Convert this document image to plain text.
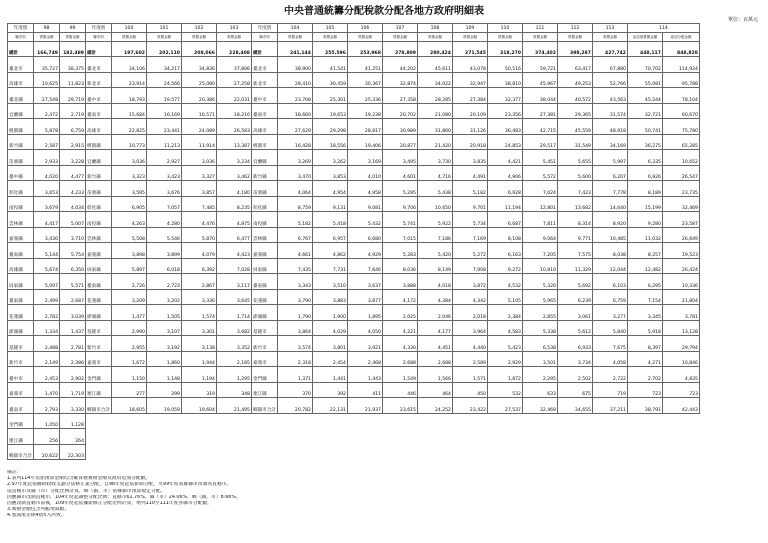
中央普通統籌分配稅款分配各地方政府明細表
單位：百萬元
年度別	98	99	年度別	100	101	102	103	年度別	104	105	106	107	108	109	110	111	112	113	114	
縣市別	實撥金額	實撥金額	縣市別	實撥金額	實撥金額	實撥金額	實撥金額	縣市別	實撥金額	實撥金額	實撥金額	實撥金額	實撥金額	實撥金額	實撥金額	實撥金額	實撥金額	實撥金額	追加預算撥金額	追加分配金額
總計	166,749	182,489	總計	197,602	202,110	208,066	228,408	總計	241,144	255,596	253,968	278,809	280,424	271,545	318,270	374,402	398,287	427,742	448,117	848,828
臺北市	35,727	38,375	臺北市	34,106	34,217	34,836	37,806	臺北市	38,900	41,541	41,251	44,202	45,611	43,078	50,516	59,721	63,417	67,880	70,702	114,924
高雄市	10,625	11,823	新北市	23,914	24,566	25,080	27,258	新北市	28,410	30,459	30,367	32,874	34,022	32,947	38,810	45,967	49,253	52,766	55,081	95,788
臺北縣	27,548	29,719	臺中市	18,793	19,577	20,386	22,031	臺中市	23,708	25,301	25,336	27,358	28,285	27,384	32,377	38,044	40,572	43,563	45,244	78,104
宜蘭縣	2,472	2,719	臺南市	15,684	16,169	16,571	18,216	臺南市	18,660	19,653	19,238	20,702	21,080	20,109	23,356	27,381	29,365	31,574	32,721	60,670
桃園縣	5,878	6,759	高雄市	22,825	23,441	24,089	26,583	高雄市	27,629	29,298	28,817	30,989	31,860	31,126	36,483	42,715	45,559	48,918	50,741	75,780
新竹縣	2,587	2,915	桃園縣	10,773	11,213	11,914	13,387	桃園市	16,428	18,556	19,406	20,877	21,420	20,918	24,853	29,517	31,549	34,169	36,275	65,285
苗栗縣	2,933	3,228	宜蘭縣	3,036	2,927	3,036	3,234	宜蘭縣	3,269	3,262	3,169	3,495	3,730	3,835	4,421	5,451	5,655	5,997	6,335	10,652
臺中縣	4,020	4,477	新竹縣	3,323	3,423	3,327	3,462	新竹縣	3,470	3,853	4,010	4,601	4,716	4,491	4,906	5,572	5,600	6,207	6,926	26,547
彰化縣	3,653	4,233	苗栗縣	3,595	3,676	3,857	4,180	苗栗縣	4,064	4,954	4,958	5,295	5,438	5,182	6,928	7,024	7,423	7,778	8,189	23,735
南投縣	3,679	4,034	彰化縣	6,905	7,057	7,485	8,235	彰化縣	8,759	9,131	9,081	9,706	10,650	9,701	11,194	12,801	13,682	14,640	15,199	32,469
雲林縣	4,417	5,007	南投縣	4,263	4,280	4,476	4,875	南投縣	5,182	5,418	5,432	5,741	5,922	5,734	6,687	7,811	8,314	8,920	9,280	23,587
嘉義縣	3,430	3,710	雲林縣	5,508	5,546	5,870	6,477	雲林縣	6,767	6,957	6,680	7,015	7,186	7,169	8,108	9,064	9,771	10,485	11,032	26,649
臺南縣	5,144	5,754	嘉義縣	3,898	3,899	4,079	4,423	嘉義縣	4,661	4,862	4,929	5,283	5,420	5,272	6,163	7,205	7,575	8,038	8,257	19,523
高雄縣	5,674	6,350	屏東縣	5,897	6,018	6,392	7,028	屏東縣	7,435	7,731	7,646	8,036	8,149	7,908	9,272	10,810	11,329	12,044	12,482	26,424
屏東縣	5,097	5,571	臺東縣	2,726	2,723	2,867	3,117	臺東縣	3,343	3,510	3,637	3,888	4,018	3,872	4,532	5,320	5,692	6,103	6,295	10,336
臺東縣	2,499	2,687	花蓮縣	3,209	3,202	3,336	3,645	花蓮縣	3,790	3,883	3,877	4,172	4,384	4,342	5,105	5,965	6,239	6,759	7,154	21,804
花蓮縣	2,782	3,039	澎湖縣	1,477	1,505	1,574	1,714	澎湖縣	1,790	1,900	1,895	2,025	2,046	2,018	2,384	2,855	3,061	3,277	3,345	3,781
澎湖縣	1,334	1,437	基隆市	2,990	3,107	3,301	3,682	基隆市	3,864	4,029	4,050	4,221	4,177	3,964	4,583	5,338	5,612	5,840	5,918	13,128
基隆市	2,488	2,781	新竹市	2,955	3,192	3,138	3,352	新竹市	3,574	3,801	3,921	4,330	4,451	4,440	5,423	6,538	6,933	7,675	8,397	29,794
新竹市	2,149	2,386	嘉義市	1,672	1,860	1,944	2,185	嘉義市	2,318	2,454	2,468	2,688	2,688	2,589	2,929	3,501	3,734	4,058	4,271	10,846
臺中市	2,453	2,902	金門縣	1,150	1,148	1,194	1,295	金門縣	1,371	1,441	1,443	1,549	1,566	1,571	1,872	2,295	2,502	2,722	2,702	4,835
嘉義市	1,470	1,719	連江縣	277	299	319	348	連江縣	370	392	411	446	464	450	532	633	675	719	723	723
臺南市	2,793	3,330	鄉鎮市合計	18,605	19,059	19,604	21,495	鄉鎮市合計	20,782	22,131	21,937	23,615	24,252	23,422	27,537	32,469	34,655	37,211	38,791	42,443
金門縣	1,050	1,128																		
連江縣	256	264																		
鄉鎮市合計	20,622	22,303																		
備註：
1.表列114年追加預算金額均含確算暨實撥金額及政府追加分配數。
2.97年度起依據財政收支劃分法修正案分配，自98年度起依新制分配，另99年度高雄縣市改制為直轄市。
依直轄市及縣（市）分配比例計算，鄉（鎮、市）依鄉鎮市預算規定分配。
因應縣市改制直轄市，104年度起調整分配比例：直轄市61.76%、縣（市）24.06%、鄉（鎮、市）8.66%。
因應改制直轄市前後，109年度起依據新修正分配比例計算，增列110至111年度各縣市分配數。
3.實撥金額包含列帳增減數。
4.加減尾差係4捨5入所致。
